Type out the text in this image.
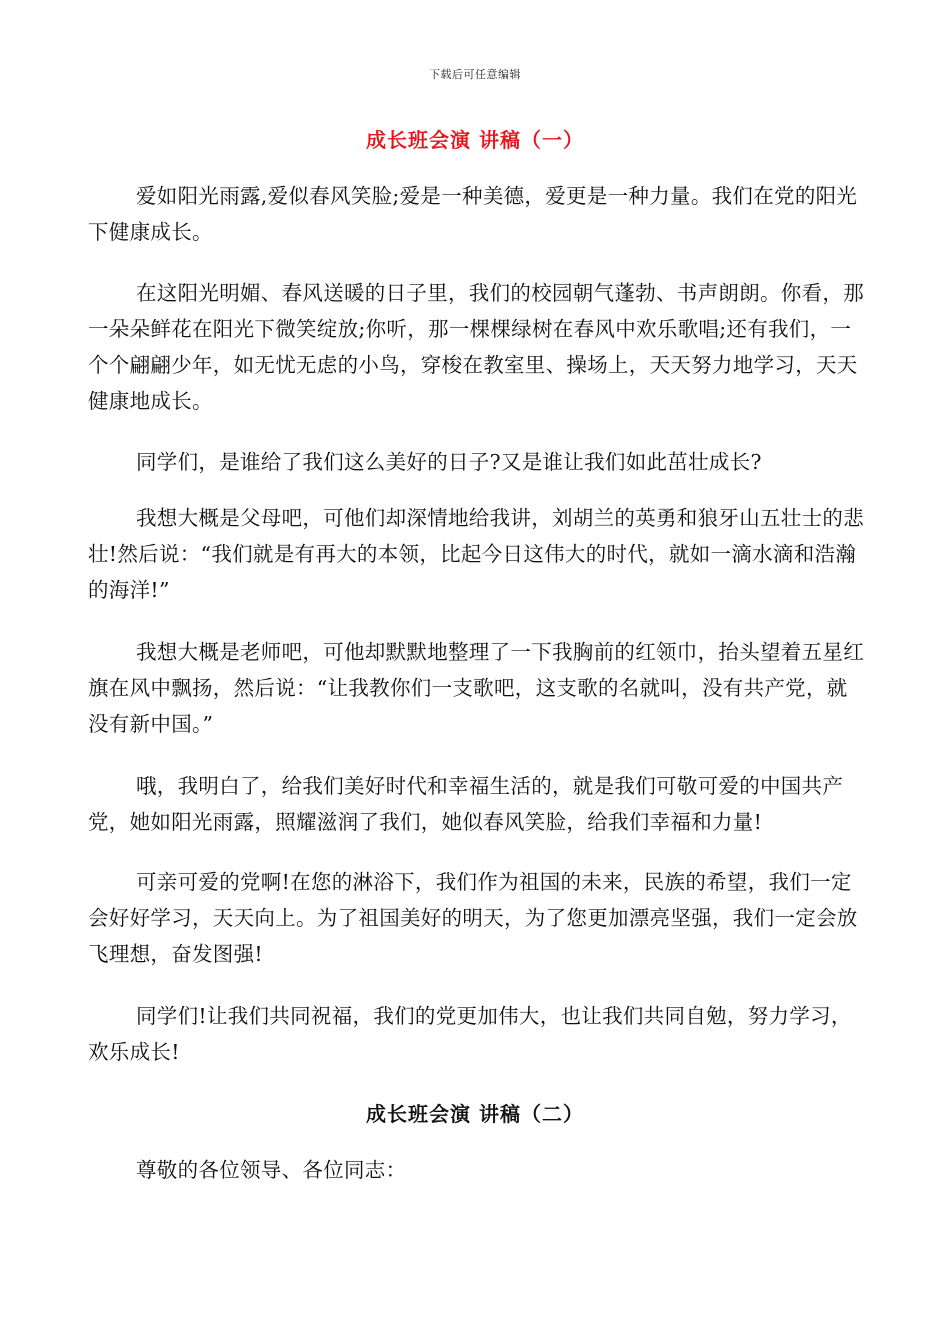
下载后可任意编辑
成长班会演 讲稿（一）

爱如阳光雨露,爱似春风笑脸;爱是一种美德，爱更是一种力量。我们在党的阳光下健康成长。

在这阳光明媚、春风送暖的日子里，我们的校园朝气蓬勃、书声朗朗。你看，那一朵朵鲜花在阳光下微笑绽放;你听，那一棵棵绿树在春风中欢乐歌唱;还有我们，一个个翩翩少年，如无忧无虑的小鸟，穿梭在教室里、操场上，天天努力地学习，天天健康地成长。

同学们，是谁给了我们这么美好的日子?又是谁让我们如此茁壮成长?

我想大概是父母吧，可他们却深情地给我讲，刘胡兰的英勇和狼牙山五壮士的悲壮!然后说：“我们就是有再大的本领，比起今日这伟大的时代，就如一滴水滴和浩瀚的海洋!”

我想大概是老师吧，可他却默默地整理了一下我胸前的红领巾，抬头望着五星红旗在风中飘扬，然后说：“让我教你们一支歌吧，这支歌的名就叫，没有共产党，就没有新中国。”

哦，我明白了，给我们美好时代和幸福生活的，就是我们可敬可爱的中国共产党，她如阳光雨露，照耀滋润了我们，她似春风笑脸，给我们幸福和力量!

可亲可爱的党啊!在您的淋浴下，我们作为祖国的未来，民族的希望，我们一定会好好学习，天天向上。为了祖国美好的明天，为了您更加漂亮坚强，我们一定会放飞理想，奋发图强!

同学们!让我们共同祝福，我们的党更加伟大，也让我们共同自勉，努力学习， 欢乐成长!

成长班会演 讲稿（二）

尊敬的各位领导、各位同志：
